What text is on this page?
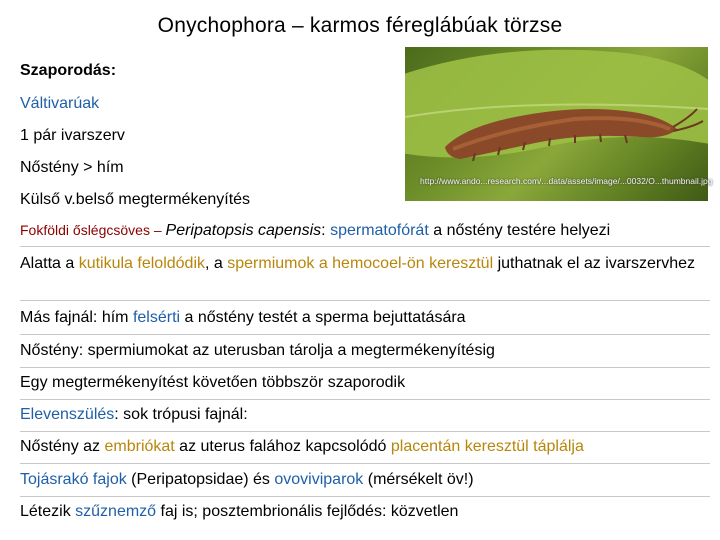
Onychophora – karmos féreglábúak törzse
Szaporodás:
Váltivarúak
1 pár ivarszerv
Nőstény > hím
Külső v.belső megtermékenyítés
http://www.ando...research.com/...data/assets/image/...0032/O...thumbnail.jpg
Fokföldi őslégcsöves – Peripatopsis capensis: spermatofórát a nőstény testére helyezi
Alatta a kutikula feloldódik, a spermiumok a hemocoel-ön keresztül juthatnak el az ivarszervhez
Más fajnál: hím felsérti a nőstény testét a sperma bejuttatására
Nőstény: spermiumokat az uterusban tárolja a megtermékenyítésig
Egy megtermékenyítést követően többször szaporodik
Elevenszülés: sok trópusi fajnál:
Nőstény az embriókat az uterus falához kapcsolódó placentán keresztül táplálja
Tojásrakó fajok (Peripatopsidae) és ovoviviparok (mérsékelt öv!)
Létezik szűznemző faj is; posztembrionális fejlődés: közvetlen
